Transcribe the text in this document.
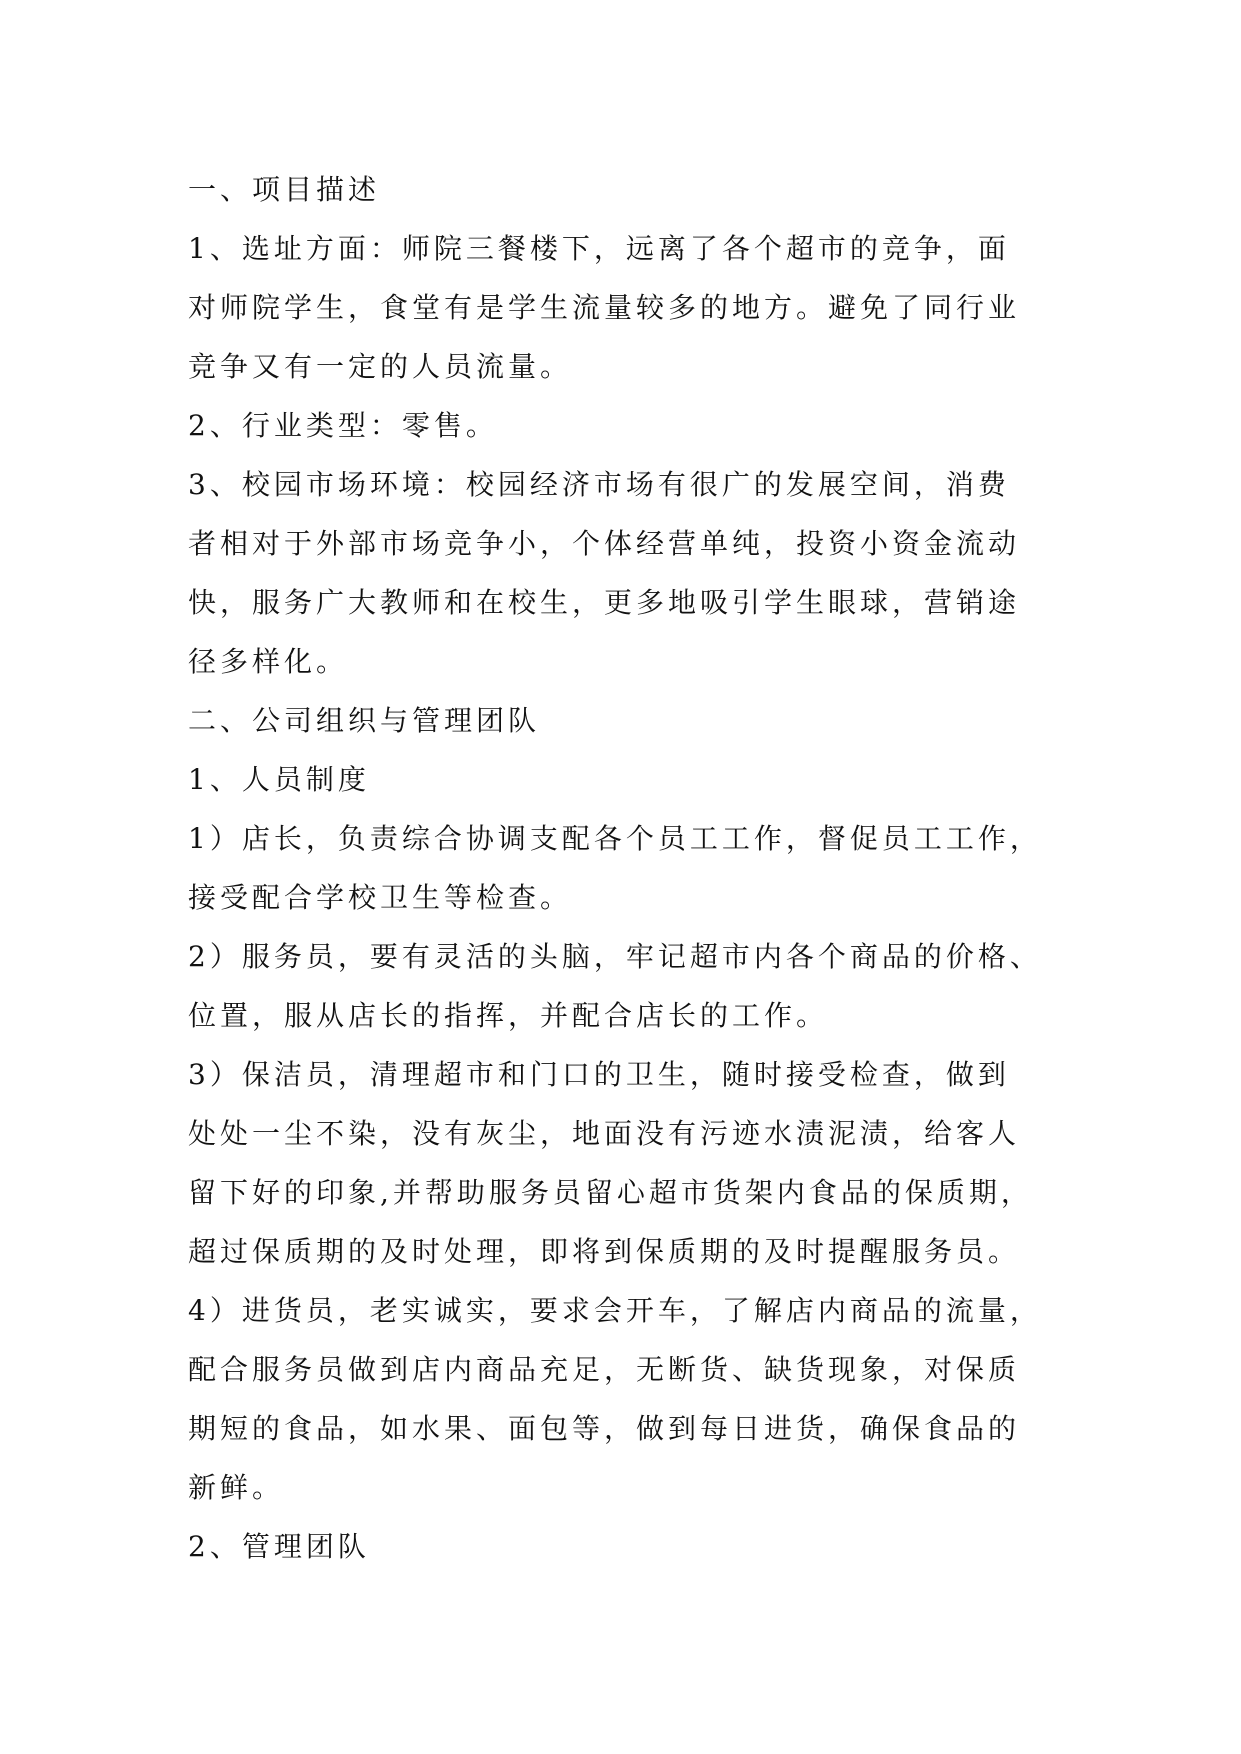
一、项目描述
1、选址方面：师院三餐楼下，远离了各个超市的竞争，面
对师院学生，食堂有是学生流量较多的地方。避免了同行业
竞争又有一定的人员流量。
2、行业类型：零售。
3、校园市场环境：校园经济市场有很广的发展空间，消费
者相对于外部市场竞争小，个体经营单纯，投资小资金流动
快，服务广大教师和在校生，更多地吸引学生眼球，营销途
径多样化。
二、公司组织与管理团队
1、人员制度
1）店长，负责综合协调支配各个员工工作，督促员工工作，
接受配合学校卫生等检查。
2）服务员，要有灵活的头脑，牢记超市内各个商品的价格、
位置，服从店长的指挥，并配合店长的工作。
3）保洁员，清理超市和门口的卫生，随时接受检查，做到
处处一尘不染，没有灰尘，地面没有污迹水渍泥渍，给客人
留下好的印象,并帮助服务员留心超市货架内食品的保质期，
超过保质期的及时处理，即将到保质期的及时提醒服务员。
4）进货员，老实诚实，要求会开车，了解店内商品的流量，
配合服务员做到店内商品充足，无断货、缺货现象，对保质
期短的食品，如水果、面包等，做到每日进货，确保食品的
新鲜。
2、管理团队
